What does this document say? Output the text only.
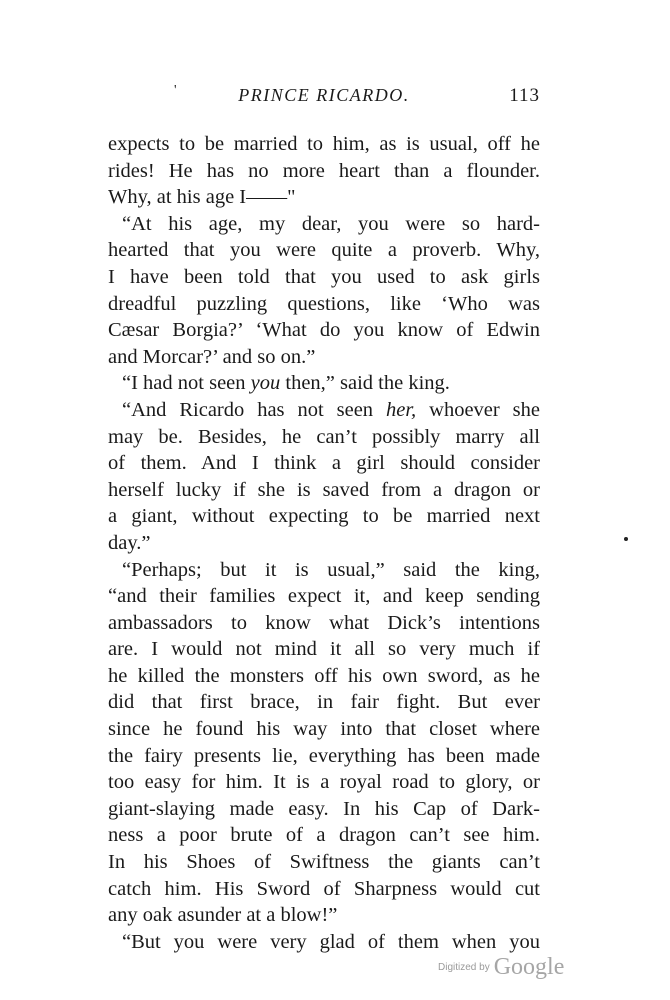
'	PRINCE RICARDO.	113
expects to be married to him, as is usual, off he
rides! He has no more heart than a flounder.
Why, at his age I——"
“At his age, my dear, you were so hard-
hearted that you were quite a proverb. Why,
I have been told that you used to ask girls
dreadful puzzling questions, like ‘Who was
Cæsar Borgia?’ ‘What do you know of Edwin
and Morcar?’ and so on.”
“I had not seen you then,” said the king.
“And Ricardo has not seen her, whoever she
may be. Besides, he can’t possibly marry all
of them. And I think a girl should consider
herself lucky if she is saved from a dragon or
a giant, without expecting to be married next
day.”
“Perhaps; but it is usual,” said the king,
“and their families expect it, and keep sending
ambassadors to know what Dick’s intentions
are. I would not mind it all so very much if
he killed the monsters off his own sword, as he
did that first brace, in fair fight. But ever
since he found his way into that closet where
the fairy presents lie, everything has been made
too easy for him. It is a royal road to glory, or
giant-slaying made easy. In his Cap of Dark-
ness a poor brute of a dragon can’t see him.
In his Shoes of Swiftness the giants can’t
catch him. His Sword of Sharpness would cut
any oak asunder at a blow!”
“But you were very glad of them when you
$^{Digitized by}$ Google
